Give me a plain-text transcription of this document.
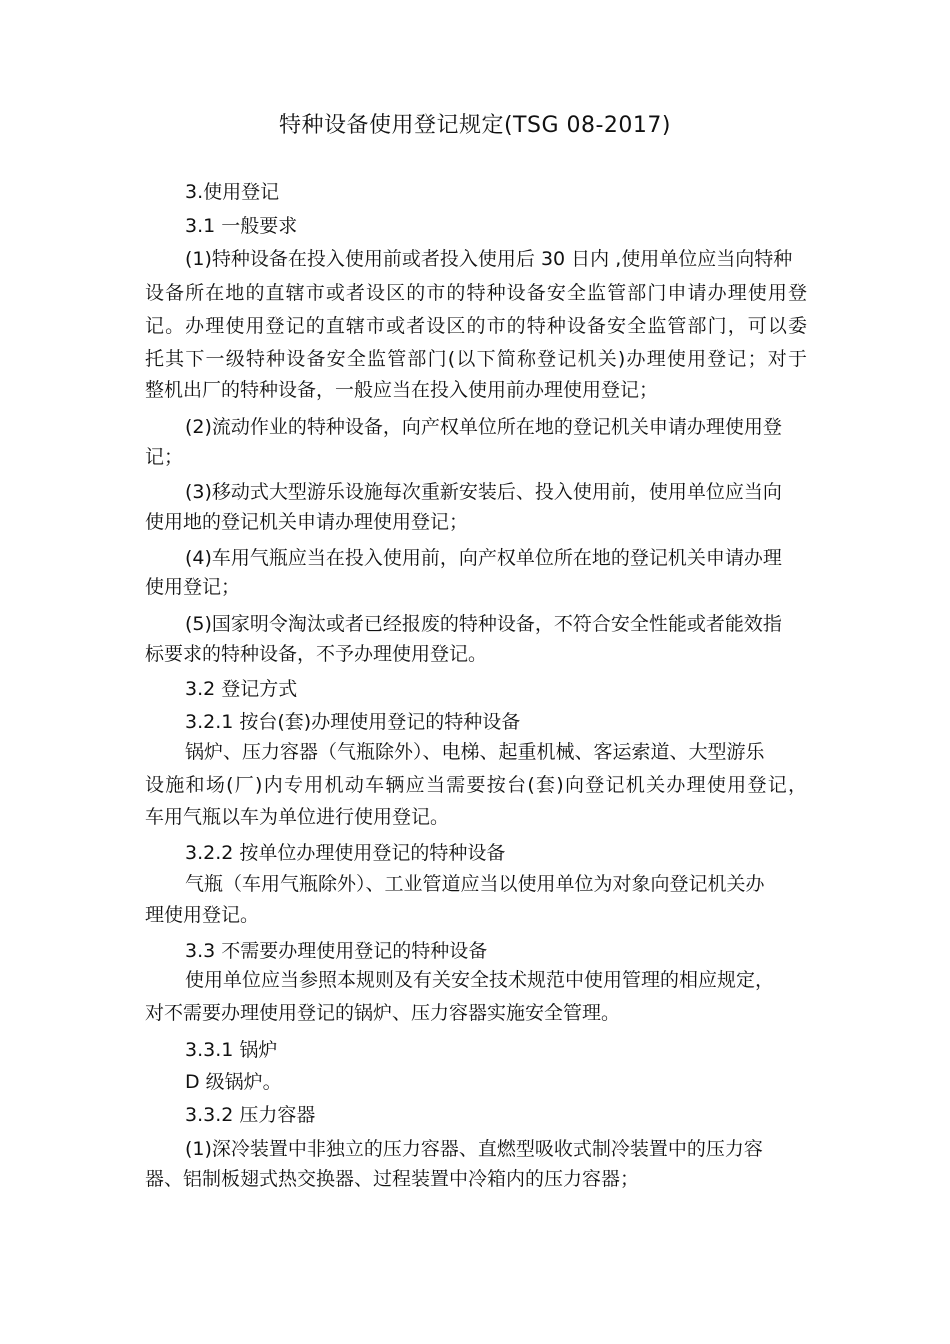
特种设备使用登记规定(TSG 08-2017)
3.使用登记
3.1 一般要求
(1)特种设备在投入使用前或者投入使用后 30 日内 ,使用单位应当向特种
设备所在地的直辖市或者设区的市的特种设备安全监管部门申请办理使用登
记。办理使用登记的直辖市或者设区的市的特种设备安全监管部门，可以委
托其下一级特种设备安全监管部门(以下简称登记机关)办理使用登记；对于
整机出厂的特种设备，一般应当在投入使用前办理使用登记；
(2)流动作业的特种设备，向产权单位所在地的登记机关申请办理使用登
记；
(3)移动式大型游乐设施每次重新安装后、投入使用前，使用单位应当向
使用地的登记机关申请办理使用登记；
(4)车用气瓶应当在投入使用前，向产权单位所在地的登记机关申请办理
使用登记；
(5)国家明令淘汰或者已经报废的特种设备，不符合安全性能或者能效指
标要求的特种设备，不予办理使用登记。
3.2 登记方式
3.2.1 按台(套)办理使用登记的特种设备
锅炉、压力容器（气瓶除外）、电梯、起重机械、客运索道、大型游乐
设施和场(厂)内专用机动车辆应当需要按台(套)向登记机关办理使用登记，
车用气瓶以车为单位进行使用登记。
3.2.2 按单位办理使用登记的特种设备
气瓶（车用气瓶除外）、工业管道应当以使用单位为对象向登记机关办
理使用登记。
3.3 不需要办理使用登记的特种设备
使用单位应当参照本规则及有关安全技术规范中使用管理的相应规定，
对不需要办理使用登记的锅炉、压力容器实施安全管理。
3.3.1 锅炉
D 级锅炉。
3.3.2 压力容器
(1)深冷装置中非独立的压力容器、直燃型吸收式制冷装置中的压力容
器、铝制板翅式热交换器、过程装置中冷箱内的压力容器；
